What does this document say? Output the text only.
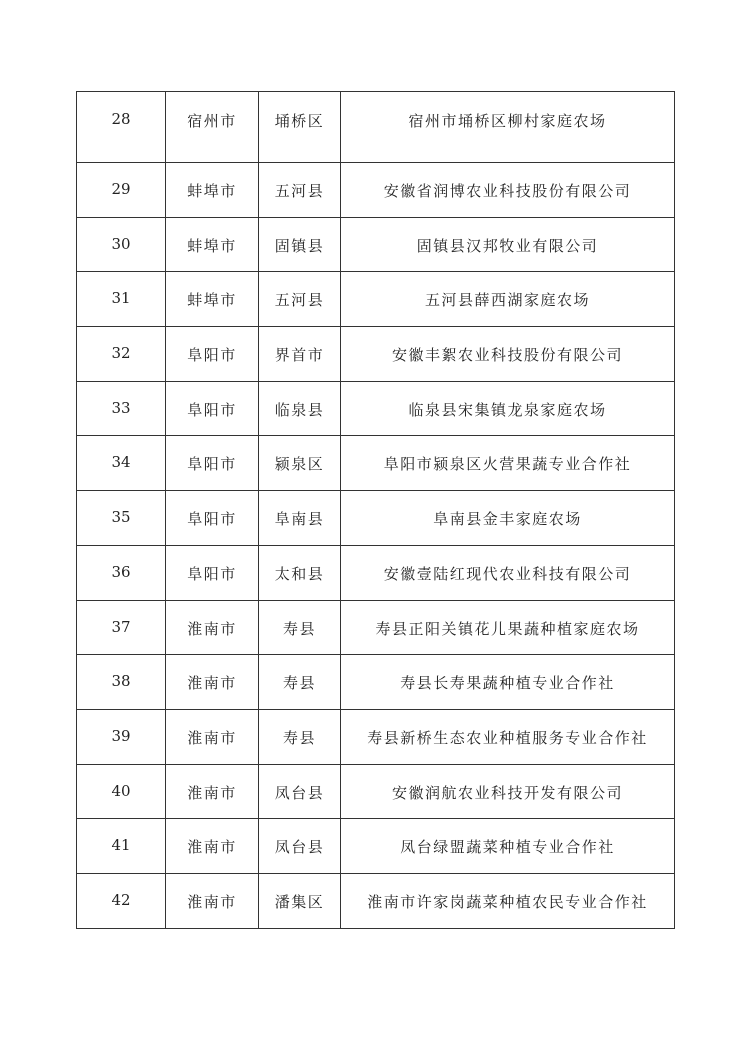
28	宿州市	埇桥区	宿州市埇桥区柳村家庭农场

29	蚌埠市	五河县	安徽省润博农业科技股份有限公司

30	蚌埠市	固镇县	固镇县汉邦牧业有限公司

31	蚌埠市	五河县	五河县薛西湖家庭农场

32	阜阳市	界首市	安徽丰絮农业科技股份有限公司

33	阜阳市	临泉县	临泉县宋集镇龙泉家庭农场

34	阜阳市	颍泉区	阜阳市颍泉区火营果蔬专业合作社

35	阜阳市	阜南县	阜南县金丰家庭农场

36	阜阳市	太和县	安徽壹陆红现代农业科技有限公司

37	淮南市	寿县	寿县正阳关镇花儿果蔬种植家庭农场

38	淮南市	寿县	寿县长寿果蔬种植专业合作社

39	淮南市	寿县	寿县新桥生态农业种植服务专业合作社

40	淮南市	凤台县	安徽润航农业科技开发有限公司

41	淮南市	凤台县	凤台绿盟蔬菜种植专业合作社

42	淮南市	潘集区	淮南市许家岗蔬菜种植农民专业合作社
